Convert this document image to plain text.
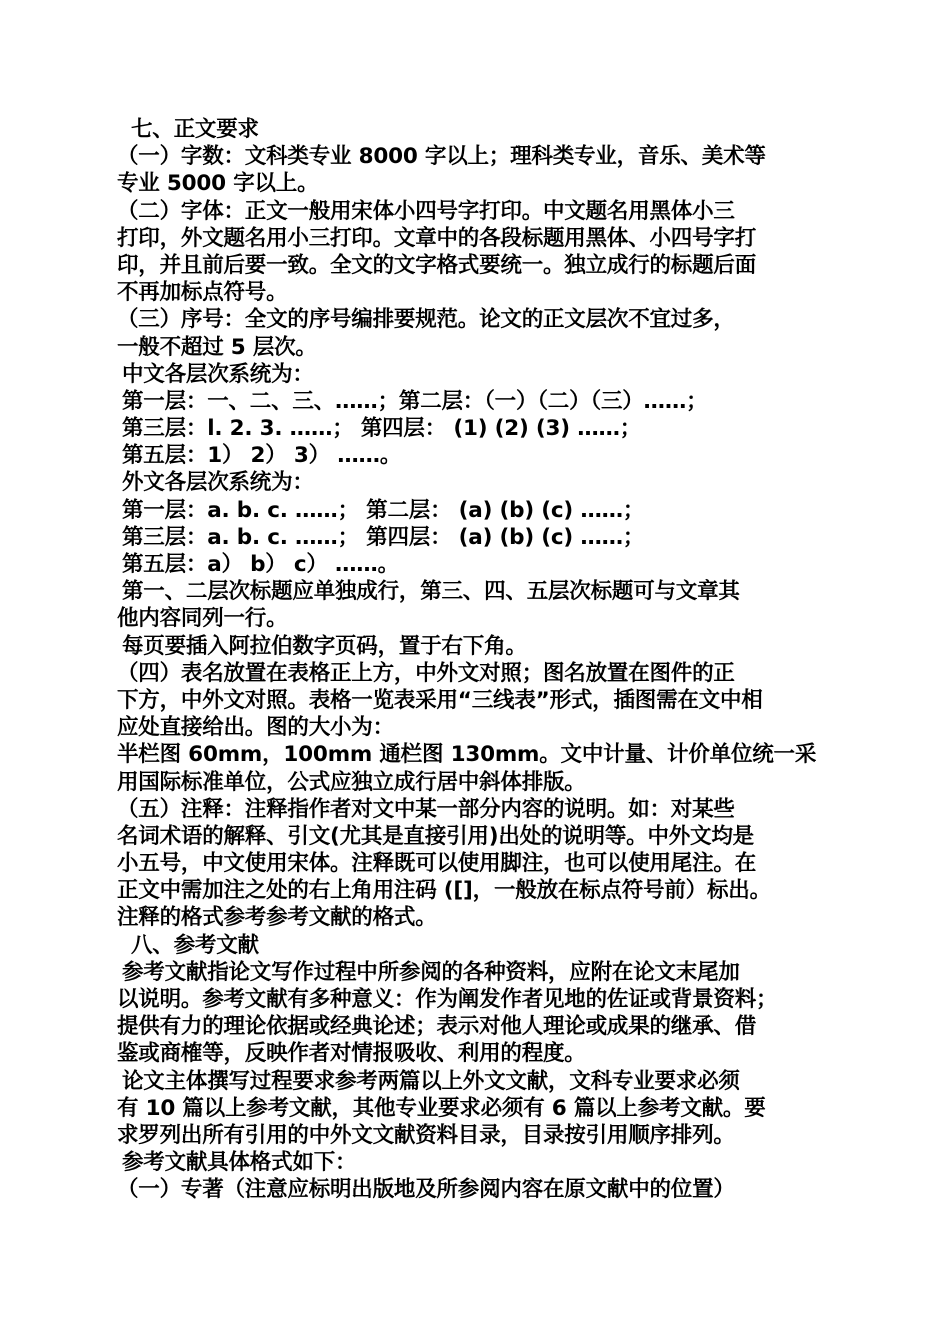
七、正文要求
（一）字数：文科类专业 8000 字以上；理科类专业，音乐、美术等
专业 5000 字以上。
（二）字体：正文一般用宋体小四号字打印。中文题名用黑体小三
打印，外文题名用小三打印。文章中的各段标题用黑体、小四号字打
印，并且前后要一致。全文的文字格式要统一。独立成行的标题后面
不再加标点符号。
（三）序号：全文的序号编排要规范。论文的正文层次不宜过多，
一般不超过 5 层次。
中文各层次系统为：
第一层：一、二、三、……；第二层：（一）（二）（三）……；
第三层：l. 2. 3. ……； 第四层： (1) (2) (3) ……；
第五层：1） 2） 3） ……。
外文各层次系统为：
第一层：a. b. c. ……； 第二层： (a) (b) (c) ……；
第三层：a. b. c. ……； 第四层： (a) (b) (c) ……；
第五层：a） b） c） ……。
第一、二层次标题应单独成行，第三、四、五层次标题可与文章其
他内容同列一行。
每页要插入阿拉伯数字页码，置于右下角。
（四）表名放置在表格正上方，中外文对照；图名放置在图件的正
下方，中外文对照。表格一览表采用“三线表”形式，插图需在文中相
应处直接给出。图的大小为：
半栏图 60mm，100mm 通栏图 130mm。文中计量、计价单位统一采
用国际标准单位，公式应独立成行居中斜体排版。
（五）注释：注释指作者对文中某一部分内容的说明。如：对某些
名词术语的解释、引文(尤其是直接引用)出处的说明等。中外文均是
小五号，中文使用宋体。注释既可以使用脚注，也可以使用尾注。在
正文中需加注之处的右上角用注码 ([]，一般放在标点符号前）标出。
注释的格式参考参考文献的格式。
八、参考文献
参考文献指论文写作过程中所参阅的各种资料，应附在论文末尾加
以说明。参考文献有多种意义：作为阐发作者见地的佐证或背景资料；
提供有力的理论依据或经典论述；表示对他人理论或成果的继承、借
鉴或商榷等，反映作者对情报吸收、利用的程度。
论文主体撰写过程要求参考两篇以上外文文献，文科专业要求必须
有 10 篇以上参考文献，其他专业要求必须有 6 篇以上参考文献。要
求罗列出所有引用的中外文文献资料目录，目录按引用顺序排列。
参考文献具体格式如下：
（一）专著（注意应标明出版地及所参阅内容在原文献中的位置）
